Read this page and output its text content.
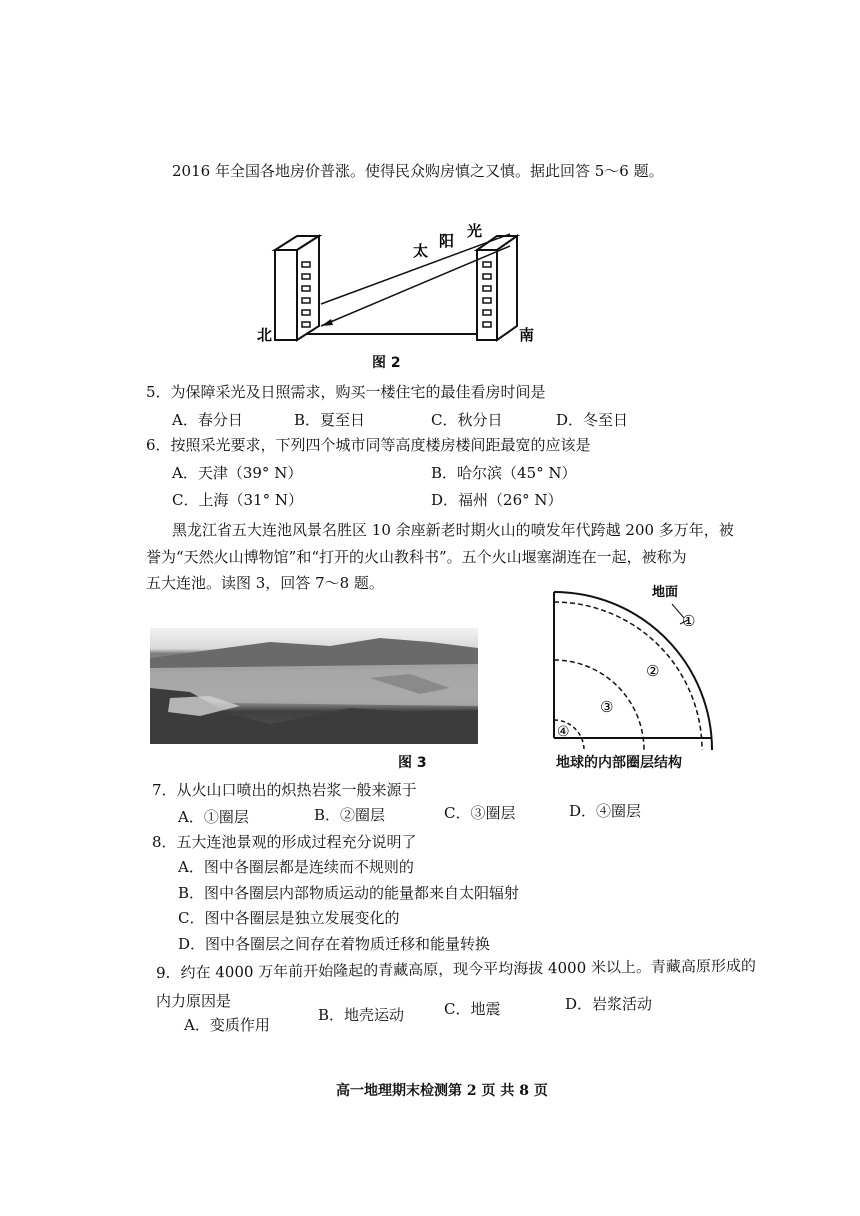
2016 年全国各地房价普涨。使得民众购房慎之又慎。据此回答 5～6 题。
太
阳
光
北	南
图 2
5．为保障采光及日照需求，购买一楼住宅的最佳看房时间是
A．春分日	B．夏至日	C．秋分日	D．冬至日
6．按照采光要求，下列四个城市同等高度楼房楼间距最宽的应该是
A．天津（39° N）	B．哈尔滨（45° N）
C．上海（31° N）	D．福州（26° N）
黑龙江省五大连池风景名胜区 10 余座新老时期火山的喷发年代跨越 200 多万年，被
誉为“天然火山博物馆”和“打开的火山教科书”。五个火山堰塞湖连在一起，被称为
五大连池。读图 3，回答 7～8 题。
图 3
地面
①
②
③
④
地球的内部圈层结构
7．从火山口喷出的炽热岩浆一般来源于
A．①圈层	B．②圈层	C．③圈层	D．④圈层
8．五大连池景观的形成过程充分说明了
A．图中各圈层都是连续而不规则的
B．图中各圈层内部物质运动的能量都来自太阳辐射
C．图中各圈层是独立发展变化的
D．图中各圈层之间存在着物质迁移和能量转换
9．约在 4000 万年前开始隆起的青藏高原，现今平均海拔 4000 米以上。青藏高原形成的
内力原因是
A．变质作用
B．地壳运动	C．地震	D．岩浆活动
高一地理期末检测第 2 页 共 8 页
